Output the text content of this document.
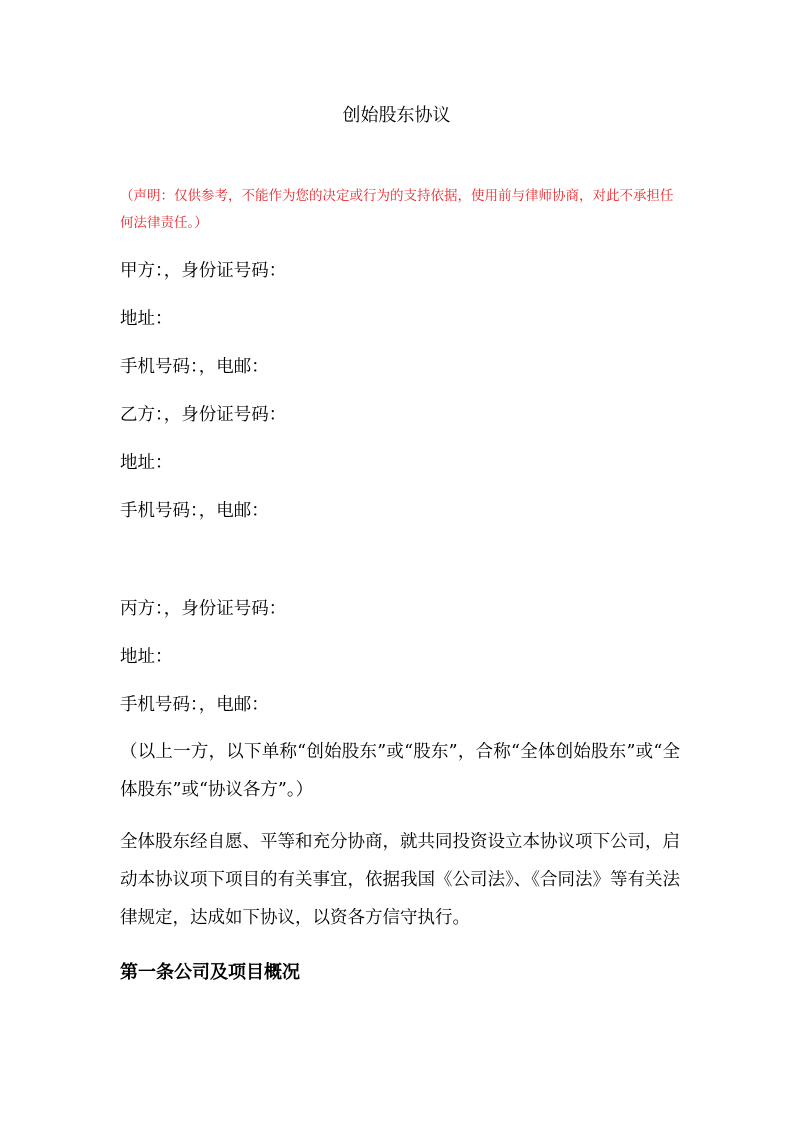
创始股东协议
（声明：仅供参考，不能作为您的决定或行为的支持依据，使用前与律师协商，对此不承担任何法律责任。）
甲方：，身份证号码：
地址：
手机号码：，电邮：
乙方：，身份证号码：
地址：
手机号码：，电邮：
丙方：，身份证号码：
地址：
手机号码：，电邮：
（以上一方，以下单称“创始股东”或“股东”，合称“全体创始股东”或“全体股东”或“协议各方”。）
全体股东经自愿、平等和充分协商，就共同投资设立本协议项下公司，启动本协议项下项目的有关事宜，依据我国《公司法》、《合同法》等有关法律规定，达成如下协议，以资各方信守执行。
第一条公司及项目概况
